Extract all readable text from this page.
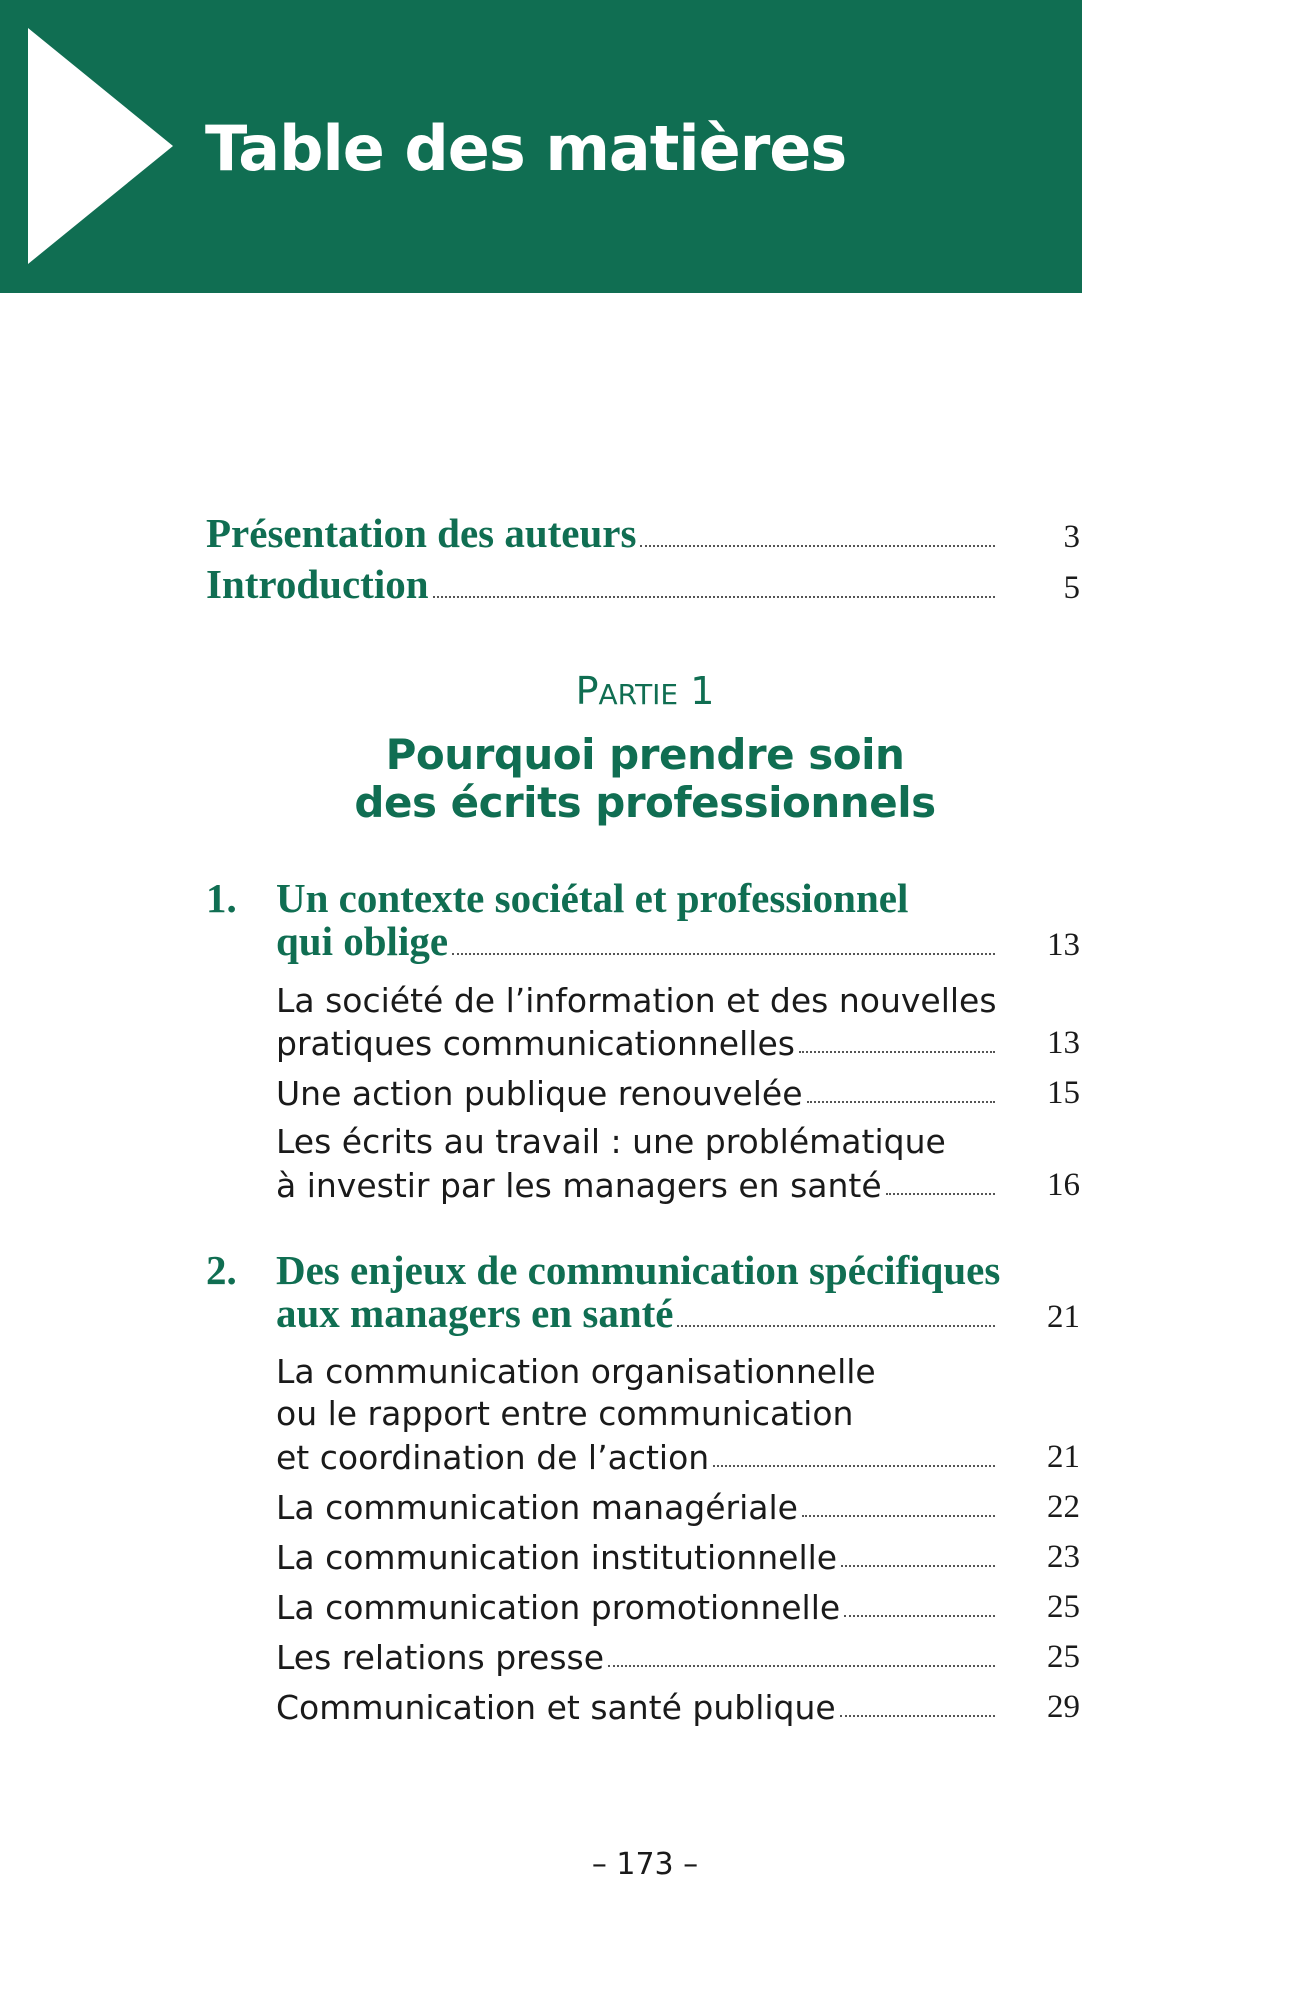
Table des matières
Présentation des auteurs	3
Introduction	5
PARTIE 1
Pourquoi prendre soin
des écrits professionnels
1. Un contexte sociétal et professionnel
qui oblige	13
La société de l’information et des nouvelles
pratiques communicationnelles	13
Une action publique renouvelée	15
Les écrits au travail : une problématique
à investir par les managers en santé	16
2. Des enjeux de communication spécifiques
aux managers en santé	21
La communication organisationnelle
ou le rapport entre communication
et coordination de l’action	21
La communication managériale	22
La communication institutionnelle	23
La communication promotionnelle	25
Les relations presse	25
Communication et santé publique	29
– 173 –
